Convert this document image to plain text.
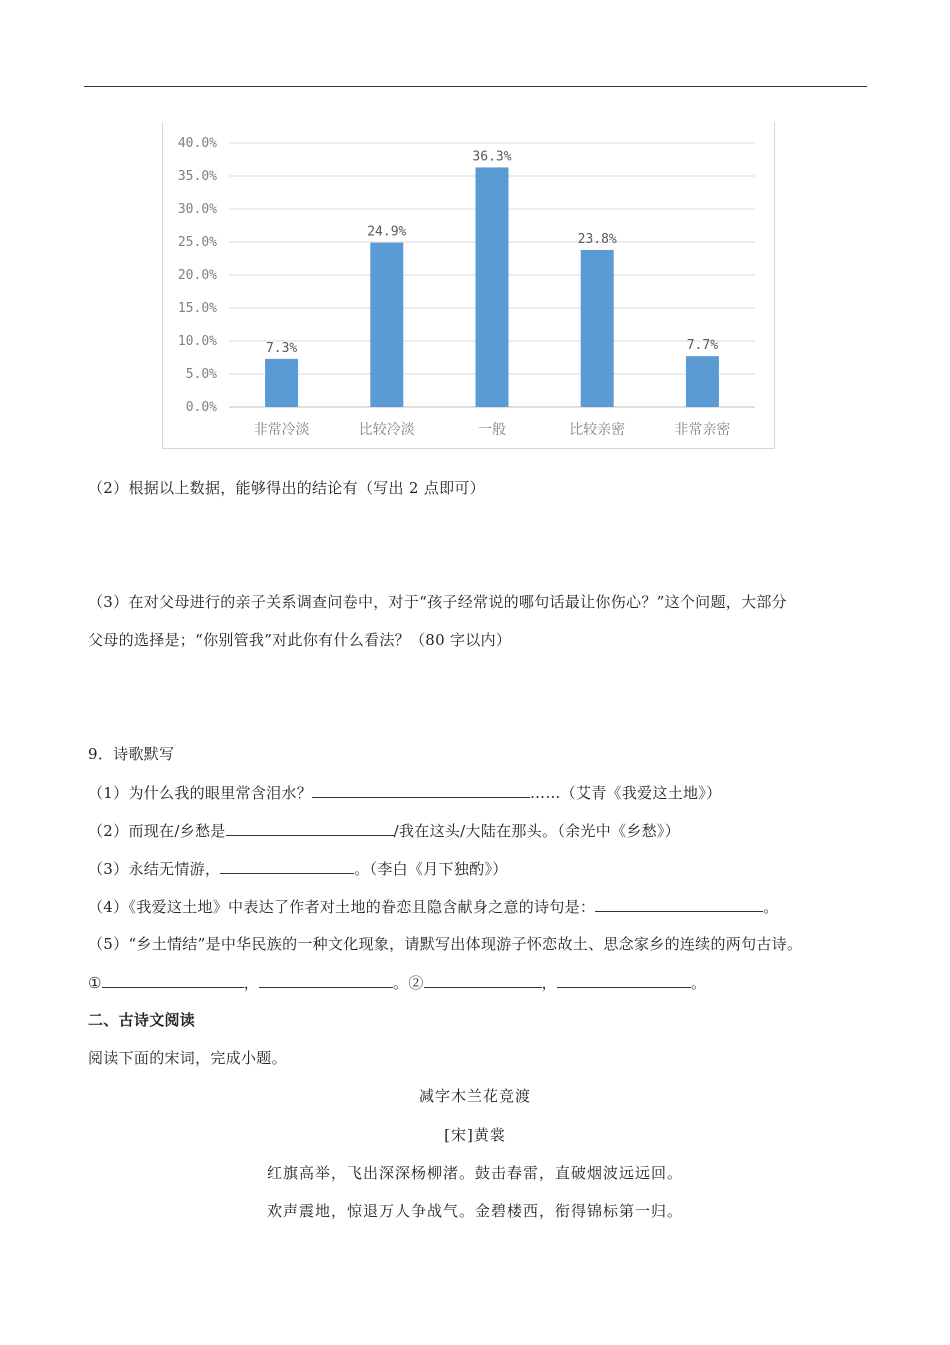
0.0%
5.0%
10.0%
15.0%
20.0%
25.0%
30.0%
35.0%
40.0%
7.3%
非常冷淡
24.9%
比较冷淡
36.3%
一般
23.8%
比较亲密
7.7%
非常亲密
（2）根据以上数据，能够得出的结论有（写出 2 点即可）
（3）在对父母进行的亲子关系调查问卷中，对于“孩子经常说的哪句话最让你伤心？”这个问题，大部分
父母的选择是；“你别管我”对此你有什么看法？（80 字以内）
9．诗歌默写
（1）为什么我的眼里常含泪水？	……（艾青《我爱这土地》）
（2）而现在/乡愁是	/我在这头/大陆在那头。（余光中《乡愁》）
（3）永结无情游，	。（李白《月下独酌》）
（4）《我爱这土地》中表达了作者对土地的眷恋且隐含献身之意的诗句是：	。
（5）“乡土情结”是中华民族的一种文化现象，请默写出体现游子怀恋故土、思念家乡的连续的两句古诗。
①	，	。②	，	。
二、古诗文阅读
阅读下面的宋词，完成小题。
减字木兰花竞渡
[宋]黄裳
红旗高举，飞出深深杨柳渚。鼓击春雷，直破烟波远远回。
欢声震地，惊退万人争战气。金碧楼西，衔得锦标第一归。
